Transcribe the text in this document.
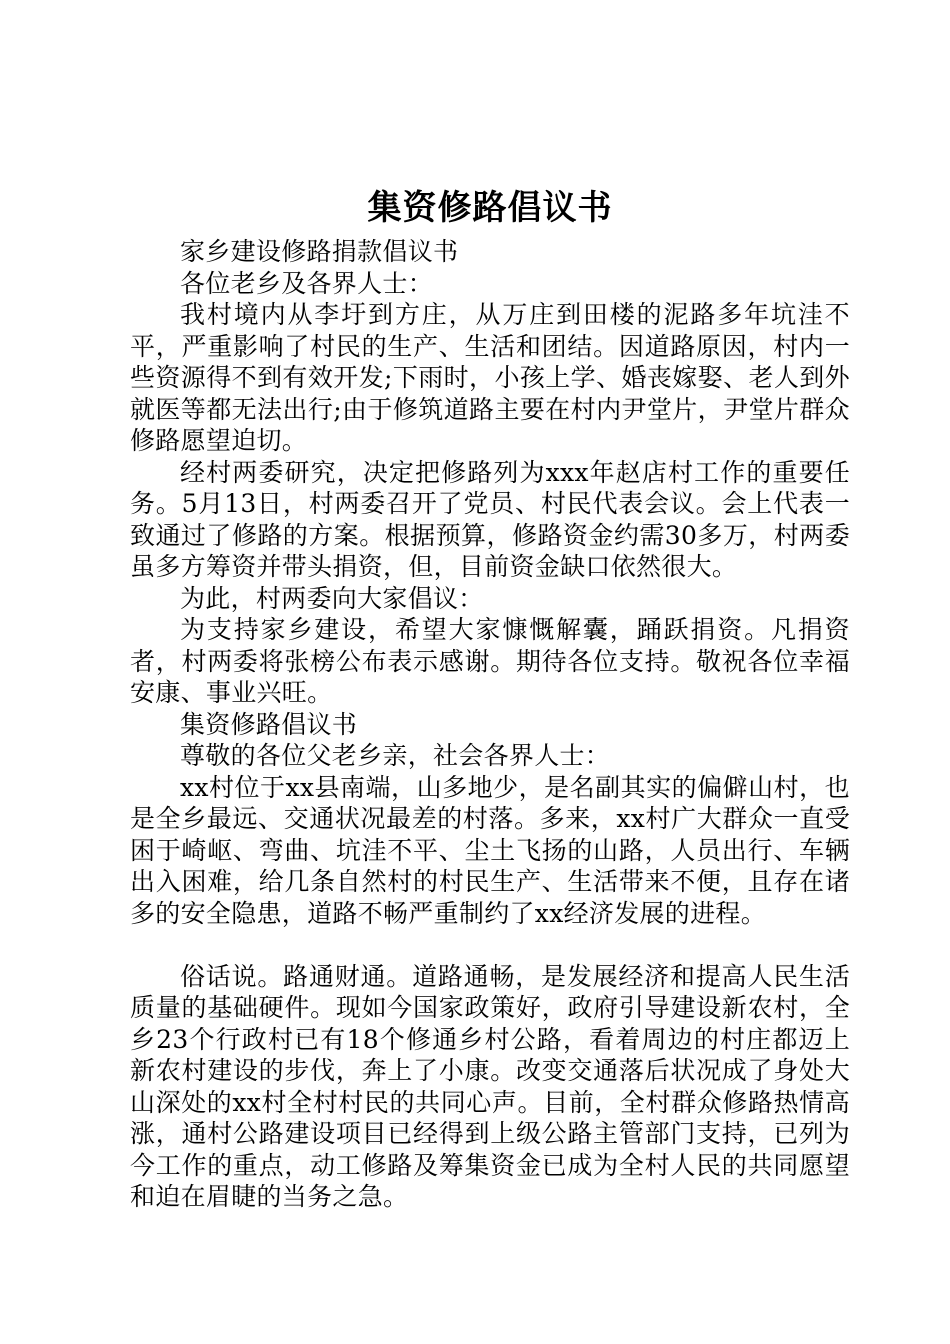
集资修路倡议书

家乡建设修路捐款倡议书

各位老乡及各界人士：

我村境内从李圩到方庄，从万庄到田楼的泥路多年坑洼不平，严重影响了村民的生产、生活和团结。因道路原因，村内一些资源得不到有效开发;下雨时，小孩上学、婚丧嫁娶、老人到外就医等都无法出行;由于修筑道路主要在村内尹堂片，尹堂片群众修路愿望迫切。

经村两委研究，决定把修路列为xxx年赵店村工作的重要任务。5月13日，村两委召开了党员、村民代表会议。会上代表一致通过了修路的方案。根据预算，修路资金约需30多万，村两委虽多方筹资并带头捐资，但，目前资金缺口依然很大。

为此，村两委向大家倡议：

为支持家乡建设，希望大家慷慨解囊，踊跃捐资。凡捐资者，村两委将张榜公布表示感谢。期待各位支持。敬祝各位幸福安康、事业兴旺。

集资修路倡议书

尊敬的各位父老乡亲，社会各界人士：

xx村位于xx县南端，山多地少，是名副其实的偏僻山村，也是全乡最远、交通状况最差的村落。多来，xx村广大群众一直受困于崎岖、弯曲、坑洼不平、尘土飞扬的山路，人员出行、车辆出入困难，给几条自然村的村民生产、生活带来不便，且存在诸多的安全隐患，道路不畅严重制约了xx经济发展的进程。

俗话说。路通财通。道路通畅，是发展经济和提高人民生活质量的基础硬件。现如今国家政策好，政府引导建设新农村，全乡23个行政村已有18个修通乡村公路，看着周边的村庄都迈上新农村建设的步伐，奔上了小康。改变交通落后状况成了身处大山深处的xx村全村村民的共同心声。目前，全村群众修路热情高涨，通村公路建设项目已经得到上级公路主管部门支持，已列为今工作的重点，动工修路及筹集资金已成为全村人民的共同愿望和迫在眉睫的当务之急。
